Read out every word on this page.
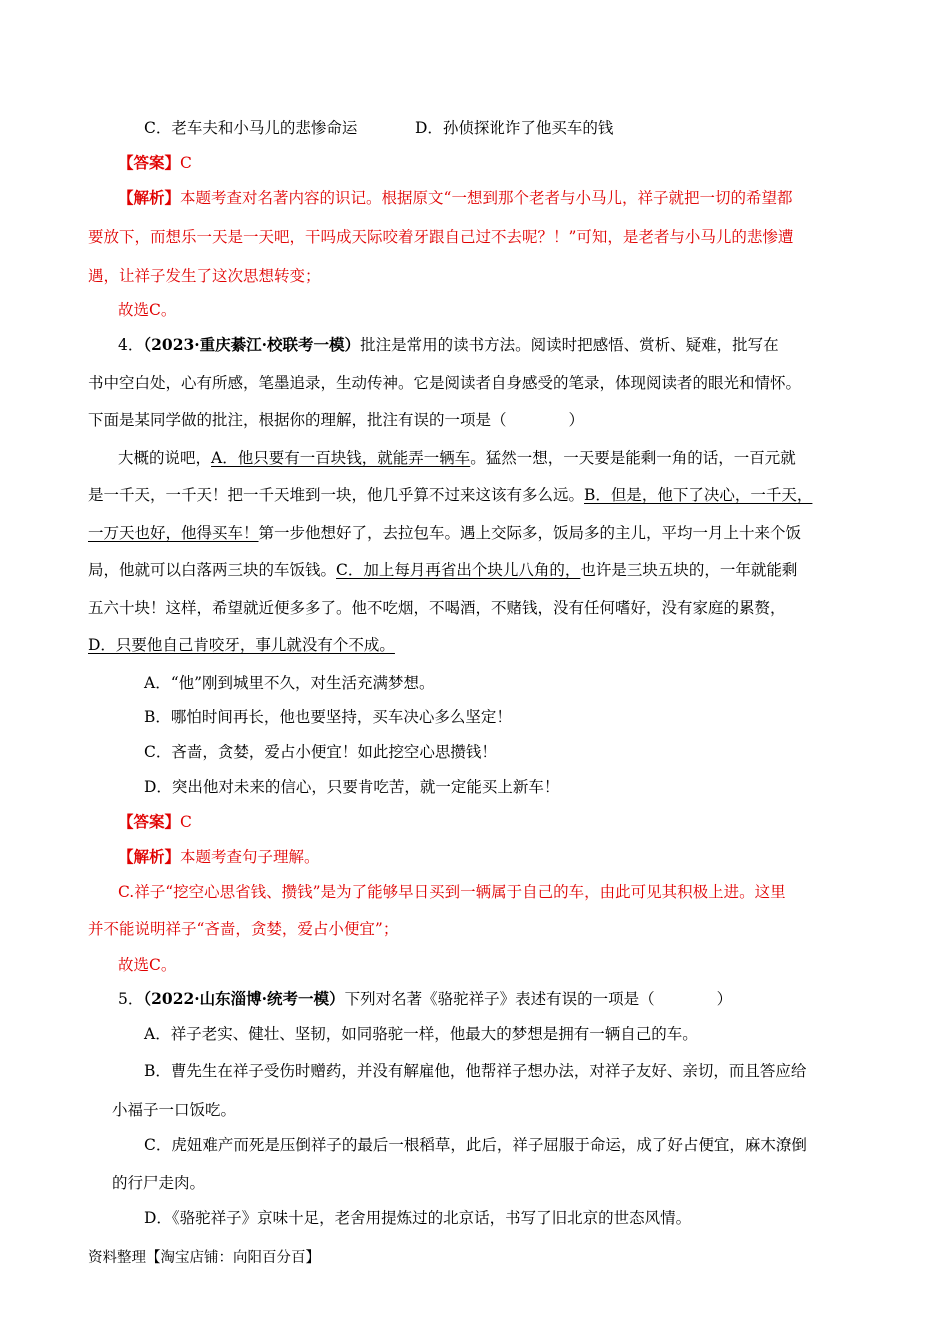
C．老车夫和小马儿的悲惨命运	D．孙侦探讹诈了他买车的钱
【答案】C
【解析】本题考查对名著内容的识记。根据原文“一想到那个老者与小马儿，祥子就把一切的希望都
要放下，而想乐一天是一天吧，干吗成天际咬着牙跟自己过不去呢？！”可知，是老者与小马儿的悲惨遭
遇，让祥子发生了这次思想转变；
故选C。
4．（2023·重庆綦江·校联考一模）批注是常用的读书方法。阅读时把感悟、赏析、疑难，批写在
书中空白处，心有所感，笔墨追录，生动传神。它是阅读者自身感受的笔录，体现阅读者的眼光和情怀。
下面是某同学做的批注，根据你的理解，批注有误的一项是（　　　　）
大概的说吧，A．他只要有一百块钱，就能弄一辆车。猛然一想，一天要是能剩一角的话，一百元就
是一千天，一千天！把一千天堆到一块，他几乎算不过来这该有多么远。B．但是，他下了决心，一千天，
一万天也好，他得买车！第一步他想好了，去拉包车。遇上交际多，饭局多的主儿，平均一月上十来个饭
局，他就可以白落两三块的车饭钱。C．加上每月再省出个块儿八角的，也许是三块五块的，一年就能剩
五六十块！这样，希望就近便多多了。他不吃烟，不喝酒，不赌钱，没有任何嗜好，没有家庭的累赘，
D．只要他自己肯咬牙，事儿就没有个不成。
A．“他”刚到城里不久，对生活充满梦想。
B．哪怕时间再长，他也要坚持，买车决心多么坚定！
C．吝啬，贪婪，爱占小便宜！如此挖空心思攒钱！
D．突出他对未来的信心，只要肯吃苦，就一定能买上新车！
【答案】C
【解析】本题考查句子理解。
C.祥子“挖空心思省钱、攒钱”是为了能够早日买到一辆属于自己的车，由此可见其积极上进。这里
并不能说明祥子“吝啬，贪婪，爱占小便宜”；
故选C。
5．（2022·山东淄博·统考一模）下列对名著《骆驼祥子》表述有误的一项是（　　　　）
A．祥子老实、健壮、坚韧，如同骆驼一样，他最大的梦想是拥有一辆自己的车。
B．曹先生在祥子受伤时赠药，并没有解雇他，他帮祥子想办法，对祥子友好、亲切，而且答应给
小福子一口饭吃。
C．虎妞难产而死是压倒祥子的最后一根稻草，此后，祥子屈服于命运，成了好占便宜，麻木潦倒
的行尸走肉。
D．《骆驼祥子》京味十足，老舍用提炼过的北京话，书写了旧北京的世态风情。
资料整理【淘宝店铺：向阳百分百】
